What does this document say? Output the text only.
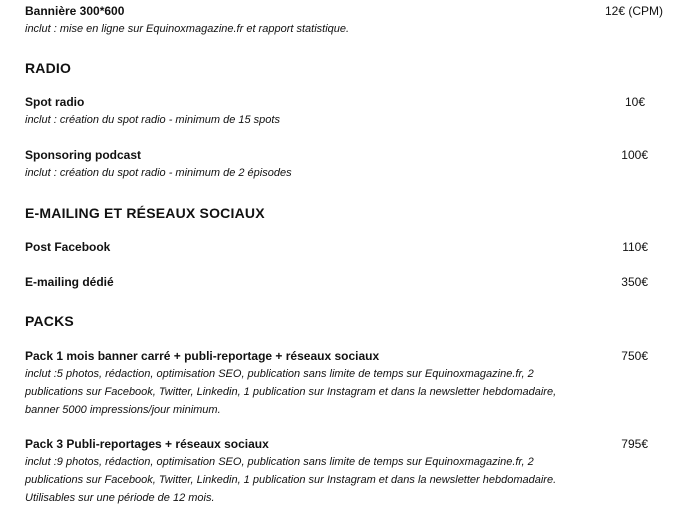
Bannière 300*600	12€ (CPM)
inclut : mise en ligne sur Equinoxmagazine.fr et rapport statistique.
RADIO
Spot radio	10€
inclut : création du spot radio - minimum de 15 spots
Sponsoring podcast	100€
inclut : création du spot radio - minimum de 2 épisodes
E-MAILING ET RÉSEAUX SOCIAUX
Post Facebook	110€
E-mailing dédié	350€
PACKS
Pack 1 mois banner carré + publi-reportage + réseaux sociaux	750€
inclut :5 photos, rédaction, optimisation SEO, publication sans limite de temps sur Equinoxmagazine.fr, 2
publications sur Facebook, Twitter, Linkedin, 1 publication sur Instagram et dans la newsletter hebdomadaire,
banner 5000 impressions/jour minimum.
Pack 3 Publi-reportages + réseaux sociaux	795€
inclut :9 photos, rédaction, optimisation SEO, publication sans limite de temps sur Equinoxmagazine.fr, 2
publications sur Facebook, Twitter, Linkedin, 1 publication sur Instagram et dans la newsletter hebdomadaire.
Utilisables sur une période de 12 mois.
